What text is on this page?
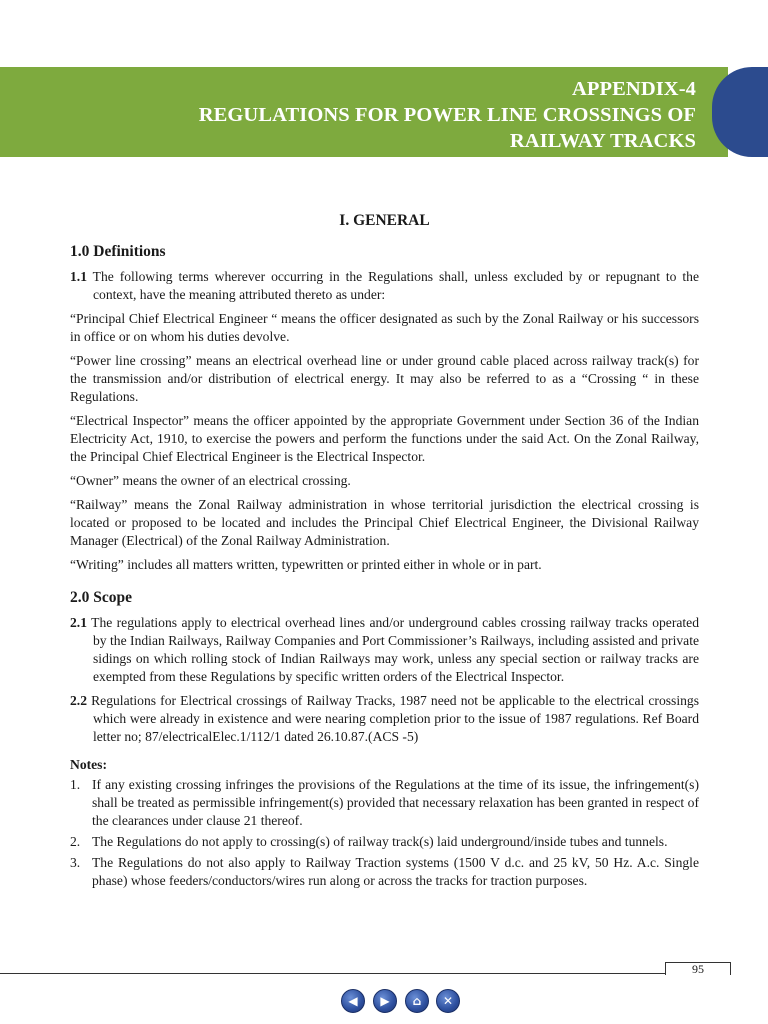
APPENDIX-4
REGULATIONS FOR POWER LINE CROSSINGS OF
RAILWAY TRACKS
I. GENERAL
1.0 Definitions

1.1 The following terms wherever occurring in the Regulations shall, unless excluded by or repugnant to the context, have the meaning attributed thereto as under:

“Principal Chief Electrical Engineer “ means the officer designated as such by the Zonal Railway or his successors in office or on whom his duties devolve.

“Power line crossing” means an electrical overhead line or under ground cable placed across railway track(s) for the transmission and/or distribution of electrical energy. It may also be referred to as a “Crossing “ in these Regulations.

“Electrical Inspector” means the officer appointed by the appropriate Government under Section 36 of the Indian Electricity Act, 1910, to exercise the powers and perform the functions under the said Act. On the Zonal Railway, the Principal Chief Electrical Engineer is the Electrical Inspector.

“Owner” means the owner of an electrical crossing.

“Railway” means the Zonal Railway administration in whose territorial jurisdiction the electrical crossing is located or proposed to be located and includes the Principal Chief Electrical Engineer, the Divisional Railway Manager (Electrical) of the Zonal Railway Administration.

“Writing” includes all matters written, typewritten or printed either in whole or in part.

2.0 Scope

2.1 The regulations apply to electrical overhead lines and/or underground cables crossing railway tracks operated by the Indian Railways, Railway Companies and Port Commissioner’s Railways, including assisted and private sidings on which rolling stock of Indian Railways may work, unless any special section or railway tracks are exempted from these Regulations by specific written orders of the Electrical Inspector.

2.2 Regulations for Electrical crossings of Railway Tracks, 1987 need not be applicable to the electrical crossings which were already in existence and were nearing completion prior to the issue of 1987 regulations. Ref Board letter no; 87/electricalElec.1/112/1 dated 26.10.87.(ACS -5)

Notes:
1. If any existing crossing infringes the provisions of the Regulations at the time of its issue, the infringement(s) shall be treated as permissible infringement(s) provided that necessary relaxation has been granted in respect of the clearances under clause 21 thereof.
2. The Regulations do not apply to crossing(s) of railway track(s) laid underground/inside tubes and tunnels.
3. The Regulations do not also apply to Railway Traction systems (1500 V d.c. and 25 kV, 50 Hz. A.c. Single phase) whose feeders/conductors/wires run along or across the tracks for traction purposes.
95
◀ ▶ ⌂ ✕
